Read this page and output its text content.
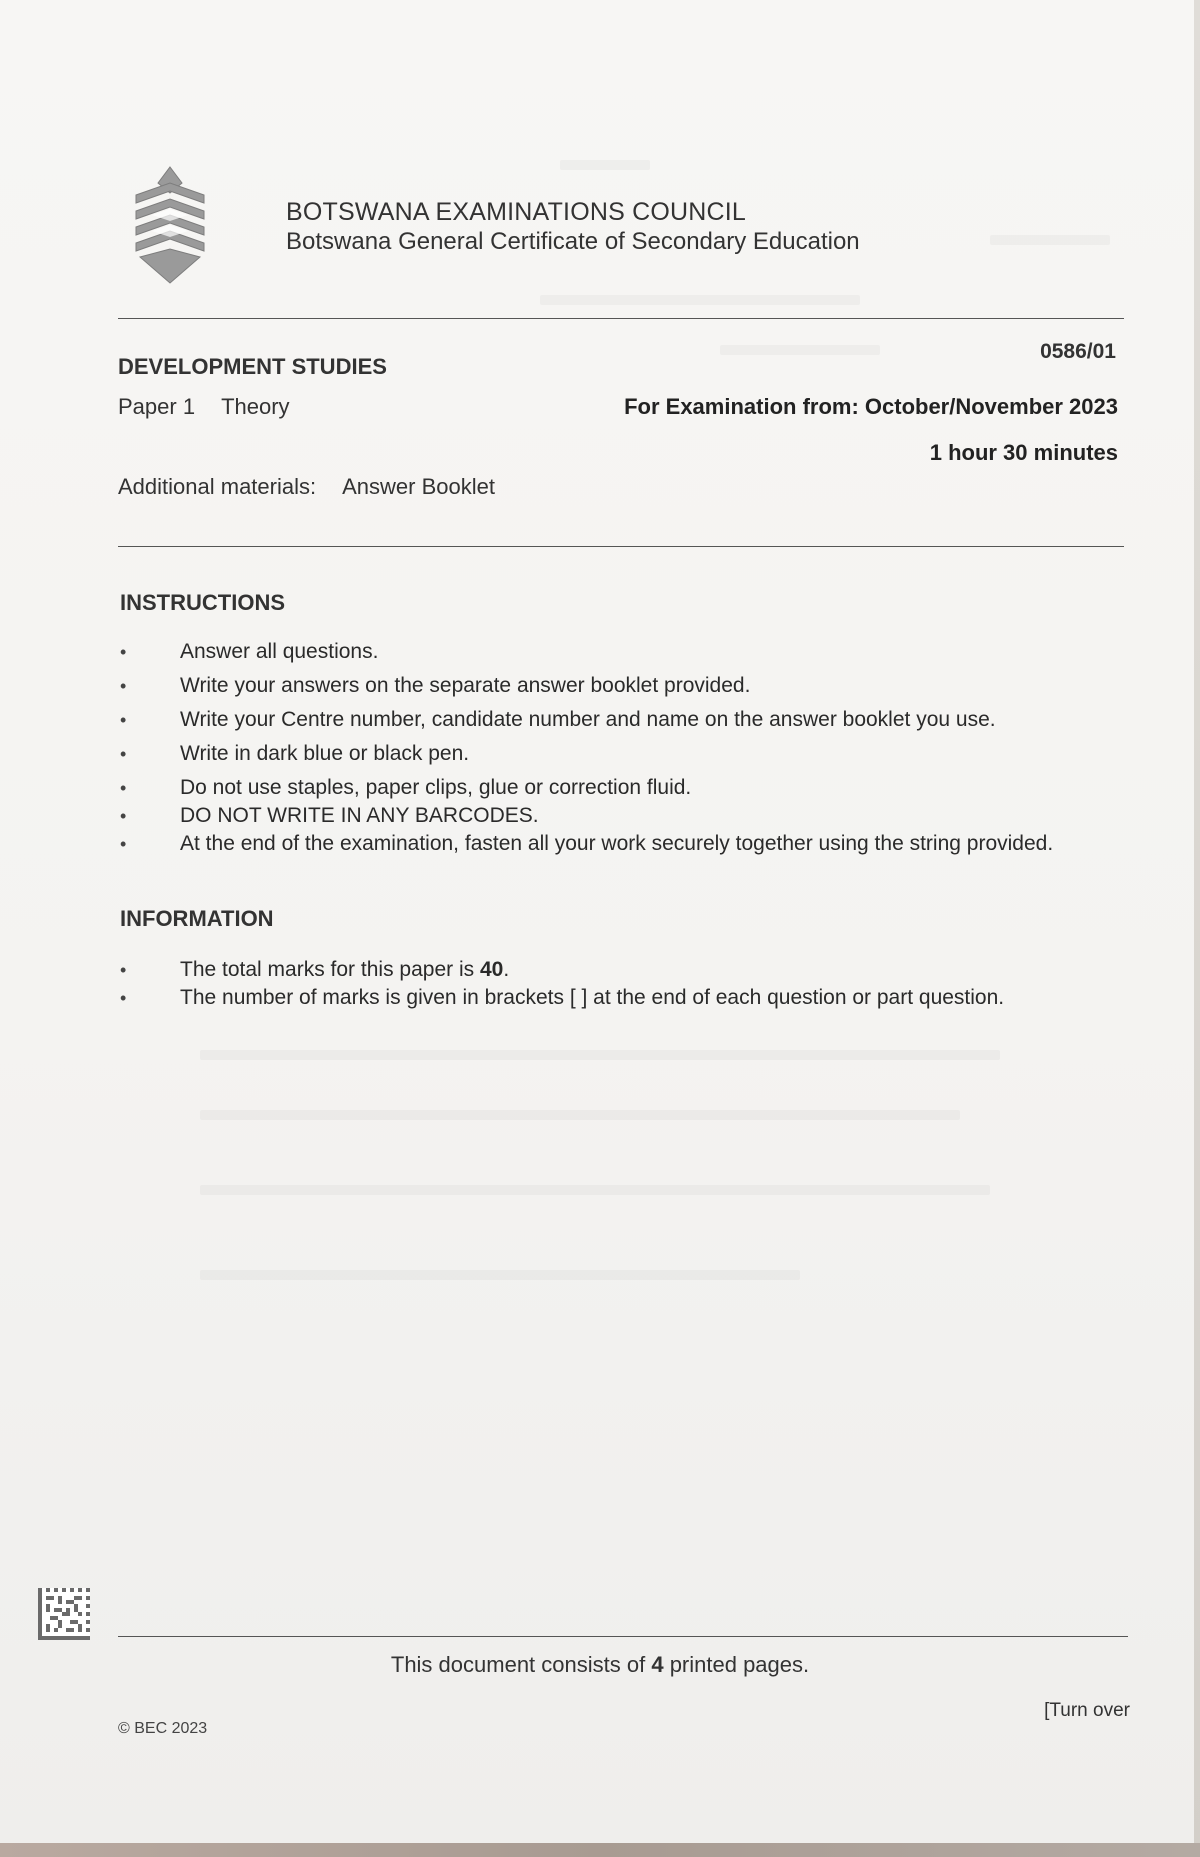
BOTSWANA EXAMINATIONS COUNCIL
Botswana General Certificate of Secondary Education
DEVELOPMENT STUDIES
0586/01
Paper 1 Theory	For Examination from: October/November 2023
1 hour 30 minutes
Additional materials: Answer Booklet
INSTRUCTIONS
•	Answer all questions.
•	Write your answers on the separate answer booklet provided.
•	Write your Centre number, candidate number and name on the answer booklet you use.
•	Write in dark blue or black pen.
•	Do not use staples, paper clips, glue or correction fluid.
•	DO NOT WRITE IN ANY BARCODES.
•	At the end of the examination, fasten all your work securely together using the string provided.
INFORMATION
•	The total marks for this paper is 40.
•	The number of marks is given in brackets [ ] at the end of each question or part question.
This document consists of 4 printed pages.
© BEC 2023
[Turn over
